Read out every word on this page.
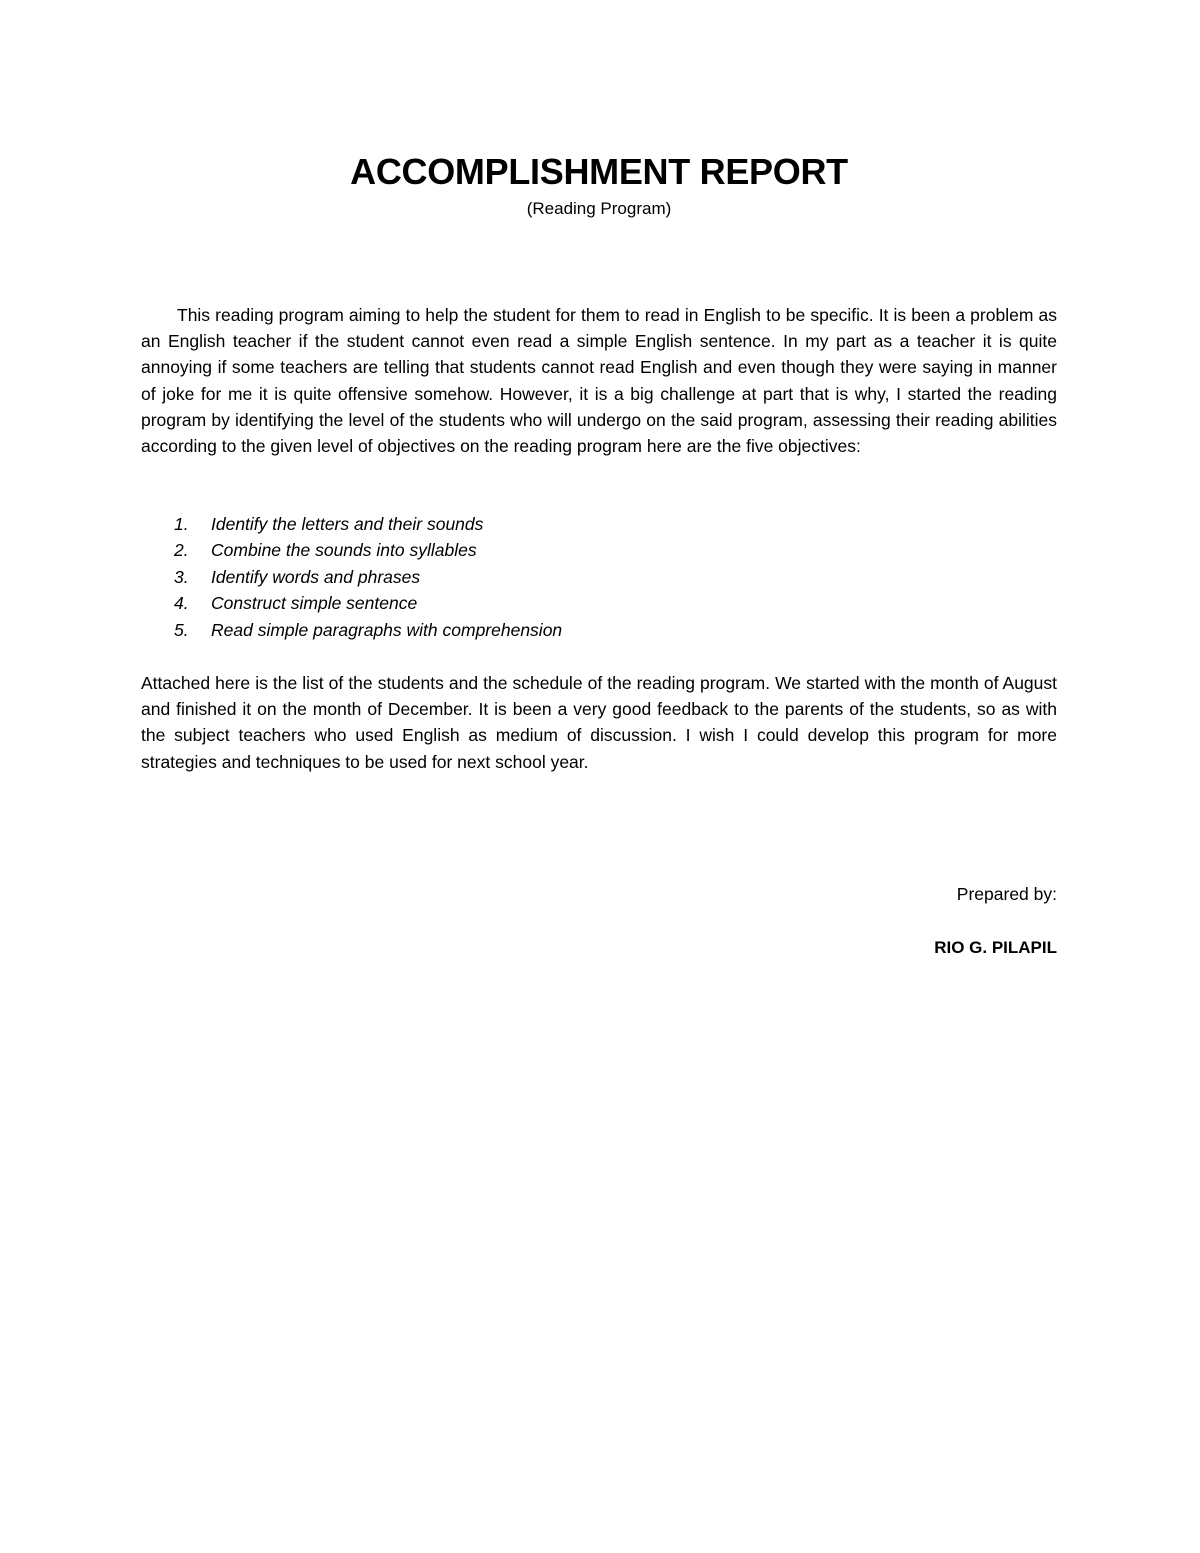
ACCOMPLISHMENT REPORT

(Reading Program)

This reading program aiming to help the student for them to read in English to be specific. It is been a problem as an English teacher if the student cannot even read a simple English sentence. In my part as a teacher it is quite annoying if some teachers are telling that students cannot read English and even though they were saying in manner of joke for me it is quite offensive somehow. However, it is a big challenge at part that is why, I started the reading program by identifying the level of the students who will undergo on the said program, assessing their reading abilities according to the given level of objectives on the reading program here are the five objectives:

1.	Identify the letters and their sounds
2.	Combine the sounds into syllables
3.	Identify words and phrases
4.	Construct simple sentence
5.	Read simple paragraphs with comprehension

Attached here is the list of the students and the schedule of the reading program. We started with the month of August and finished it on the month of December. It is been a very good feedback to the parents of the students, so as with the subject teachers who used English as medium of discussion. I wish I could develop this program for more strategies and techniques to be used for next school year.

Prepared by:

RIO G. PILAPIL
